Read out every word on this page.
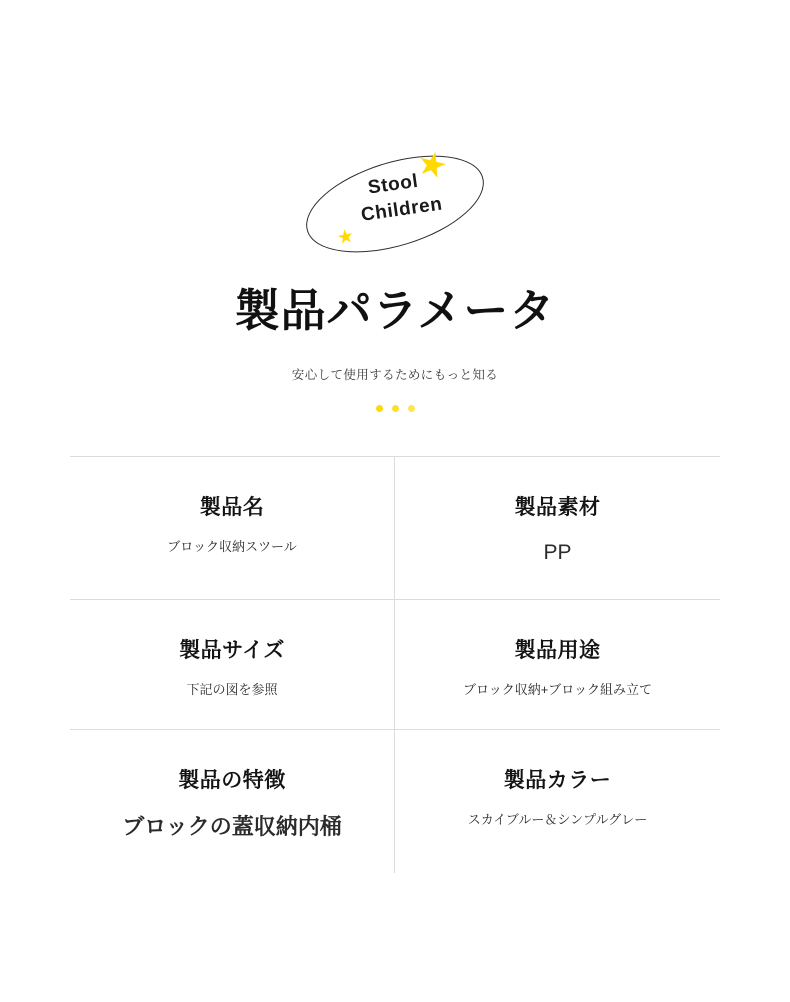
Stool
Children
★
★
製品パラメータ

安心して使用するためにもっと知る

製品名
ブロック収納スツール
製品素材
PP
製品サイズ
下記の図を参照
製品用途
ブロック収納+ブロック組み立て
製品の特徴
ブロックの蓋収納内桶
製品カラー
スカイブルー＆シンプルグレー
